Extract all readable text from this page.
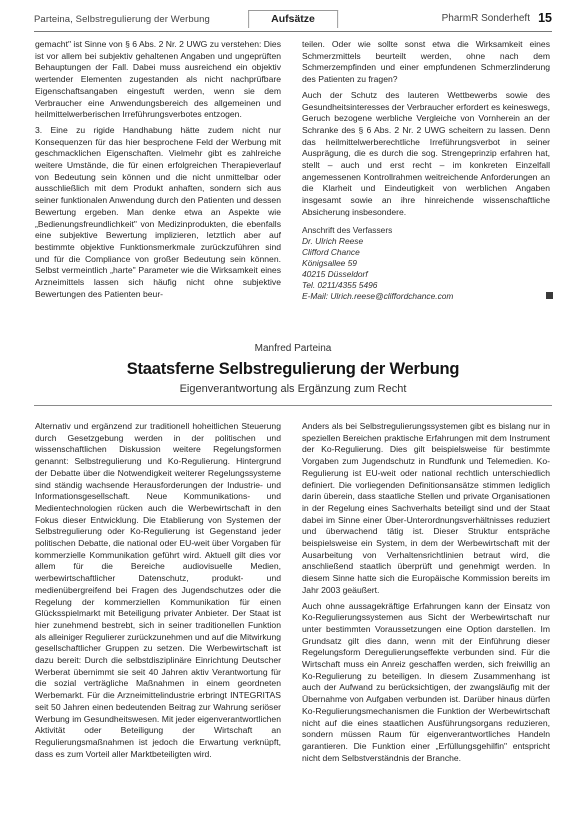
Parteina, Selbstregulierung der Werbung	Aufsätze	PharmR Sonderheft 15

gemacht" ist Sinne von § 6 Abs. 2 Nr. 2 UWG zu verstehen: Dies ist vor allem bei subjektiv gehaltenen Angaben und ungeprüften Behauptungen der Fall. Dabei muss ausreichend ein objektiv wertender Elementen zugestanden als nicht nachprüfbare Eigenschaftsangaben eingestuft werden, wenn sie dem Verbraucher eine Anwendungsbereich des allgemeinen und heilmittelwerberischen Irreführungsverbotes entzogen.

3. Eine zu rigide Handhabung hätte zudem nicht nur Konsequenzen für das hier besprochene Feld der Werbung mit geschmacklichen Eigenschaften. Vielmehr gibt es zahlreiche weitere Umstände, die für einen erfolgreichen Therapieverlauf von Bedeutung sein können und die nicht unmittelbar oder ausschließlich mit dem Produkt anhaften, sondern sich aus seiner funktionalen Anwendung durch den Patienten und dessen Bewertung ergeben. Man denke etwa an Aspekte wie „Bedienungsfreundlichkeit" von Medizinprodukten, die ebenfalls eine subjektive Bewertung implizieren, letztlich aber auf bestimmte objektive Funktionsmerkmale zurückzuführen sind und für die Compliance von großer Bedeutung sein können. Selbst vermeintlich „harte" Parameter wie die Wirksamkeit eines Arzneimittels lassen sich häufig nicht ohne subjektive Bewertungen des Patienten beur-

teilen. Oder wie sollte sonst etwa die Wirksamkeit eines Schmerzmittels beurteilt werden, ohne nach dem Schmerzempfinden und einer empfundenen Schmerzlinderung des Patienten zu fragen?

Auch der Schutz des lauteren Wettbewerbs sowie des Gesundheitsinteresses der Verbraucher erfordert es keineswegs, Geruch bezogene werbliche Vergleiche von Vornherein an der Schranke des § 6 Abs. 2 Nr. 2 UWG scheitern zu lassen. Denn das heilmittelwerberechtliche Irreführungsverbot in seiner Ausprägung, die es durch die sog. Strengeprinzip erfahren hat, stellt – auch und erst recht – im konkreten Einzelfall angemessenen Kontrollrahmen weitreichende Anforderungen an die Klarheit und Eindeutigkeit von werblichen Angaben insgesamt sowie an ihre hinreichende wissenschaftliche Absicherung insbesondere.

Anschrift des Verfassers
Dr. Ulrich Reese
Clifford Chance
Königsallee 59
40215 Düsseldorf
Tel. 0211/4355 5496
E-Mail: Ulrich.reese@cliffordchance.com
Manfred Parteina
Staatsferne Selbstregulierung der Werbung
Eigenverantwortung als Ergänzung zum Recht

Alternativ und ergänzend zur traditionell hoheitlichen Steuerung durch Gesetzgebung werden in der politischen und wissenschaftlichen Diskussion weitere Regelungsformen genannt: Selbstregulierung und Ko-Regulierung. Hintergrund der Debatte über die Notwendigkeit weiterer Regelungssysteme sind ständig wachsende Herausforderungen der Industrie- und Informationsgesellschaft. Neue Kommunikations- und Medientechnologien rücken auch die Werbewirtschaft in den Fokus dieser Entwicklung. Die Etablierung von Systemen der Selbstregulierung oder Ko-Regulierung ist Gegenstand jeder politischen Debatte, die national oder EU-weit über Vorgaben für kommerzielle Kommunikation geführt wird. Aktuell gilt dies vor allem für die Bereiche audiovisuelle Medien, werbewirtschaftlicher Datenschutz, produkt- und medienübergreifend bei Fragen des Jugendschutzes oder die Regelung der kommerziellen Kommunikation für einen Glücksspielmarkt mit Beteiligung privater Anbieter. Der Staat ist hier zunehmend bestrebt, sich in seiner traditionellen Funktion als alleiniger Regulierer zurückzunehmen und auf die Mitwirkung gesellschaftlicher Gruppen zu setzen. Die Werbewirtschaft ist dazu bereit: Durch die selbstdisziplinäre Einrichtung Deutscher Werberat übernimmt sie seit 40 Jahren aktiv Verantwortung für die sozial verträgliche Maßnahmen in einem geordneten Werbemarkt. Für die Arzneimittelindustrie erbringt INTEGRITAS seit 50 Jahren einen bedeutenden Beitrag zur Wahrung seriöser Werbung im Gesundheitswesen. Mit jeder eigenverantwortlichen Aktivität oder Beteiligung der Wirtschaft an Regulierungsmaßnahmen ist jedoch die Erwartung verknüpft, dass es zum Vorteil aller Marktbeteiligten wird.

Anders als bei Selbstregulierungssystemen gibt es bislang nur in speziellen Bereichen praktische Erfahrungen mit dem Instrument der Ko-Regulierung. Dies gilt beispielsweise für bestimmte Vorgaben zum Jugendschutz in Rundfunk und Telemedien. Ko-Regulierung ist EU-weit oder national rechtlich unterschiedlich definiert. Die vorliegenden Definitionsansätze stimmen lediglich darin überein, dass staatliche Stellen und private Organisationen in der Regelung eines Sachverhalts beteiligt sind und der Staat dabei im Sinne einer Über-Unterordnungsverhältnisses reduziert und überwachend tätig ist. Dieser Struktur entspräche beispielsweise ein System, in dem der Werbewirtschaft mit der Ausarbeitung von Verhaltensrichtlinien betraut wird, die anschließend staatlich überprüft und genehmigt werden. In diesem Sinne hatte sich die Europäische Kommission bereits im Jahr 2003 geäußert.

Auch ohne aussagekräftige Erfahrungen kann der Einsatz von Ko-Regulierungssystemen aus Sicht der Werbewirtschaft nur unter bestimmten Voraussetzungen eine Option darstellen. Im Grundsatz gilt dies dann, wenn mit der Einführung dieser Regelungsform Deregulierungseffekte verbunden sind. Für die Wirtschaft muss ein Anreiz geschaffen werden, sich freiwillig an Ko-Regulierung zu beteiligen. In diesem Zusammenhang ist auch der Aufwand zu berücksichtigen, der zwangsläufig mit der Übernahme von Aufgaben verbunden ist. Darüber hinaus dürfen Ko-Regulierungsmechanismen die Funktion der Werbewirtschaft nicht auf die eines staatlichen Ausführungsorgans reduzieren, sondern müssen Raum für eigenverantwortliches Handeln garantieren. Die Funktion einer „Erfüllungsgehilfin" entspricht nicht dem Selbstverständnis der Branche.
